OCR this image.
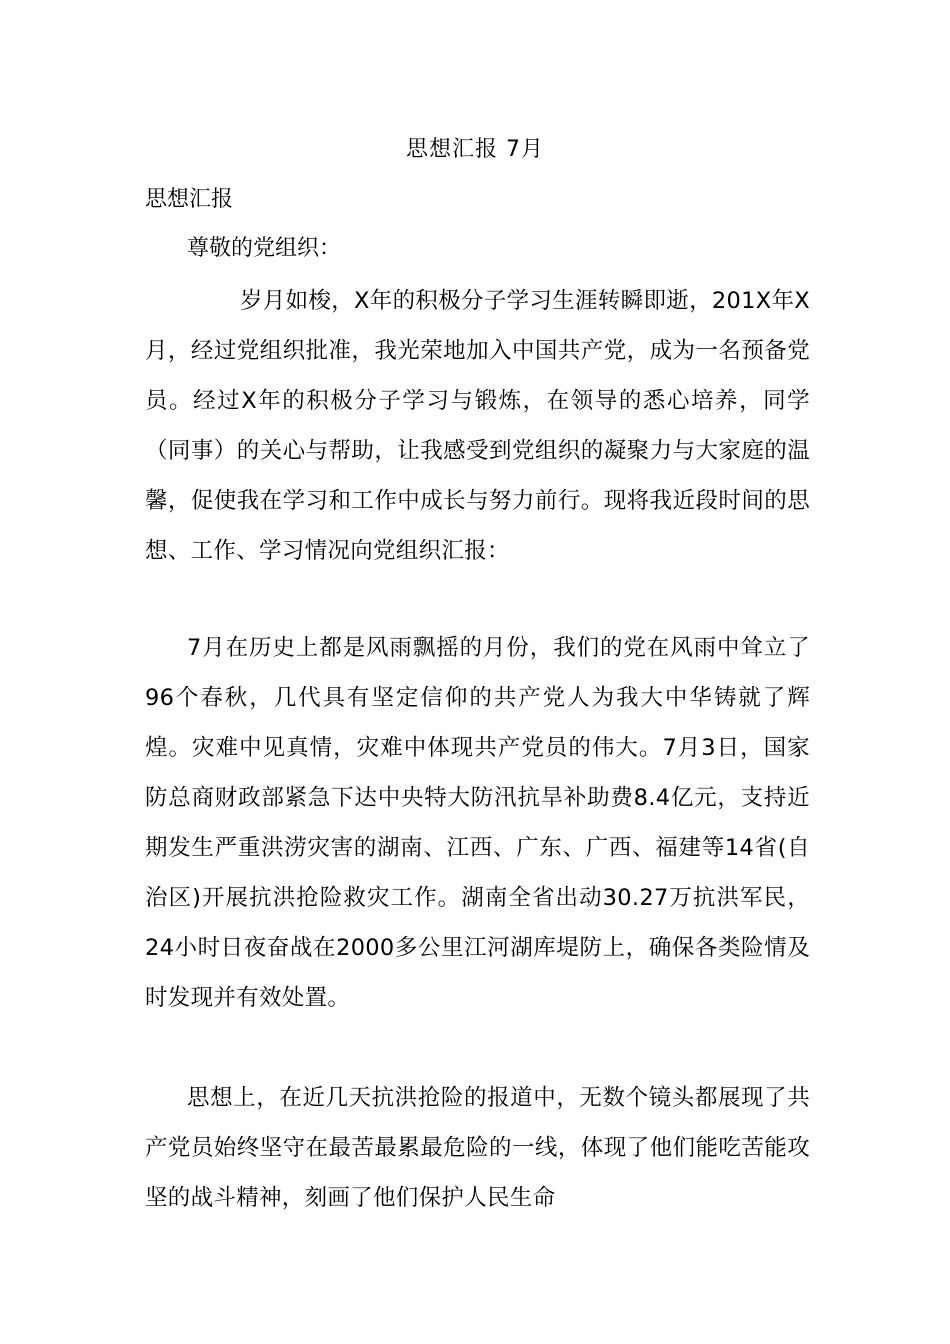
思想汇报 7月
思想汇报
尊敬的党组织：

岁月如梭，X年的积极分子学习生涯转瞬即逝，201X年X月，经过党组织批准，我光荣地加入中国共产党，成为一名预备党员。经过X年的积极分子学习与锻炼，在领导的悉心培养，同学（同事）的关心与帮助，让我感受到党组织的凝聚力与大家庭的温馨，促使我在学习和工作中成长与努力前行。现将我近段时间的思想、工作、学习情况向党组织汇报：

7月在历史上都是风雨飘摇的月份，我们的党在风雨中耸立了96个春秋，几代具有坚定信仰的共产党人为我大中华铸就了辉煌。灾难中见真情，灾难中体现共产党员的伟大。7月3日，国家防总商财政部紧急下达中央特大防汛抗旱补助费8.4亿元，支持近期发生严重洪涝灾害的湖南、江西、广东、广西、福建等14省(自治区)开展抗洪抢险救灾工作。湖南全省出动30.27万抗洪军民，24小时日夜奋战在2000多公里江河湖库堤防上，确保各类险情及时发现并有效处置。

思想上，在近几天抗洪抢险的报道中，无数个镜头都展现了共产党员始终坚守在最苦最累最危险的一线，体现了他们能吃苦能攻坚的战斗精神，刻画了他们保护人民生命
